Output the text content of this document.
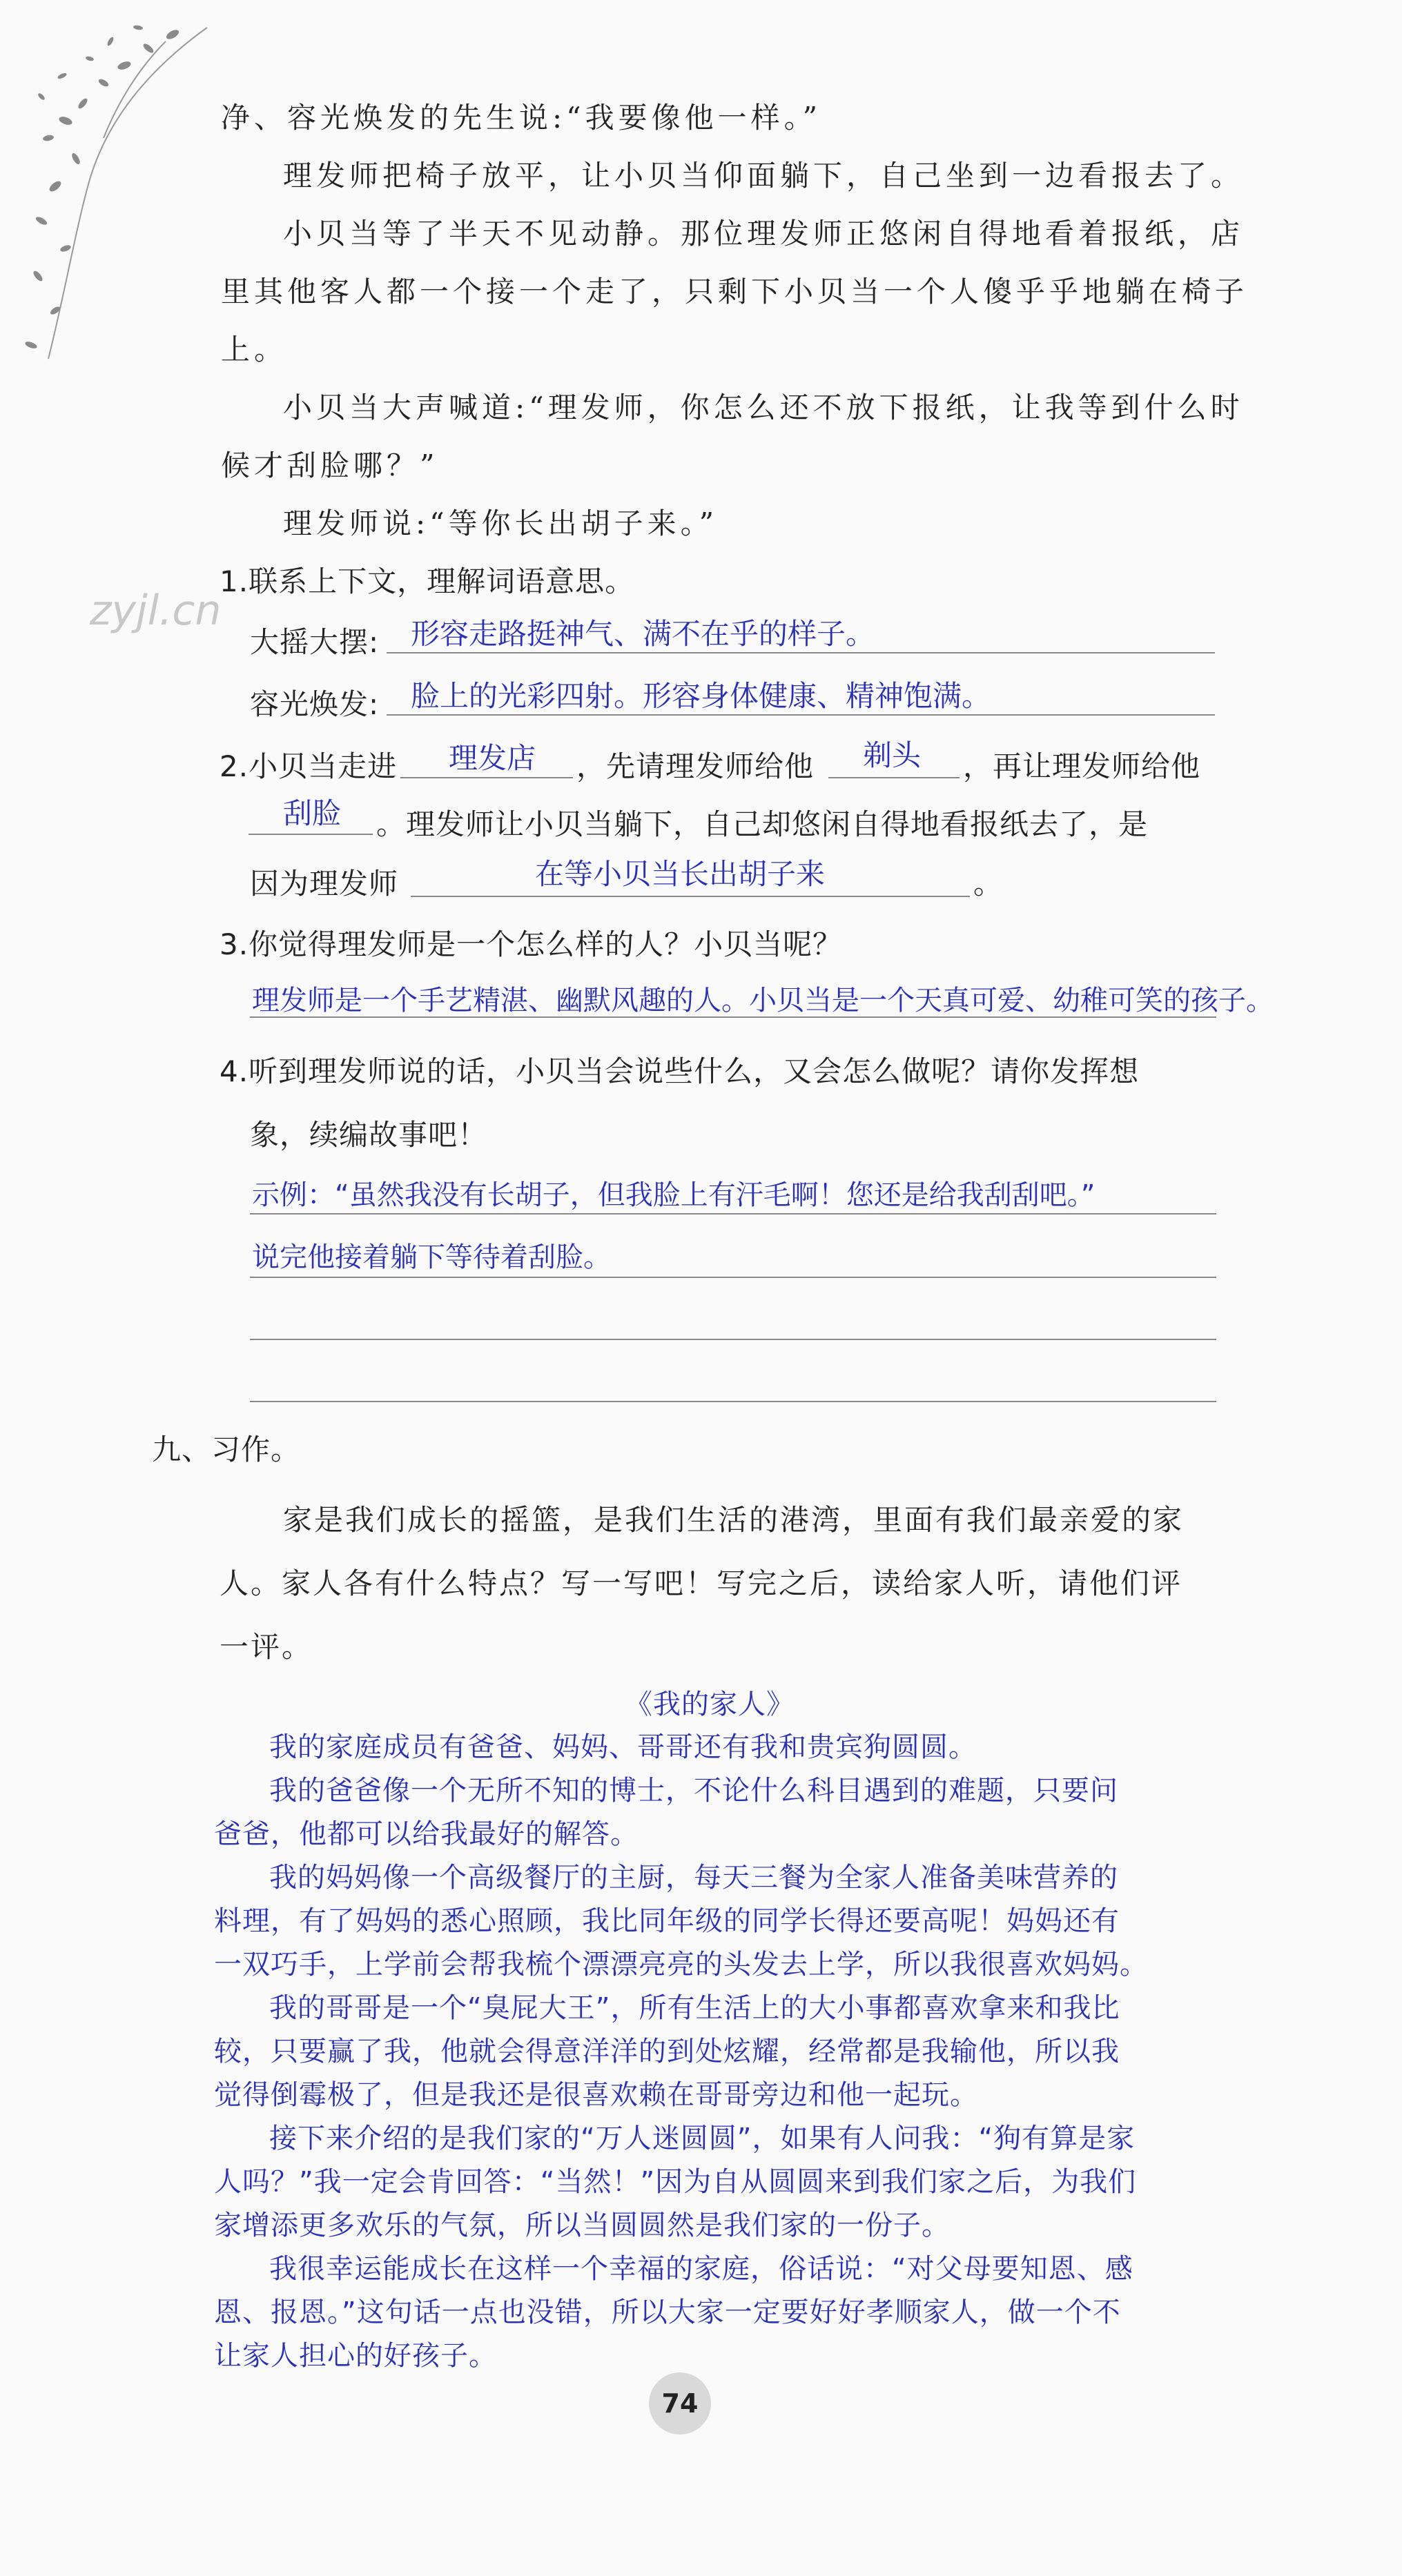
净、容光焕发的先生说:“我要像他一样。”
理发师把椅子放平，让小贝当仰面躺下，自己坐到一边看报去了。
小贝当等了半天不见动静。那位理发师正悠闲自得地看着报纸，店
里其他客人都一个接一个走了，只剩下小贝当一个人傻乎乎地躺在椅子
上。
小贝当大声喊道:“理发师，你怎么还不放下报纸，让我等到什么时
候才刮脸哪？”
理发师说:“等你长出胡子来。”
1.联系上下文，理解词语意思。
zyjl.cn
大摇大摆: 形容走路挺神气、满不在乎的样子。
容光焕发: 脸上的光彩四射。形容身体健康、精神饱满。
2.小贝当走进 理发店 ，先请理发师给他 剃头 ，再让理发师给他
刮脸 。理发师让小贝当躺下，自己却悠闲自得地看报纸去了，是
因为理发师	在等小贝当长出胡子来	。
3.你觉得理发师是一个怎么样的人？小贝当呢？
理发师是一个手艺精湛、幽默风趣的人。小贝当是一个天真可爱、幼稚可笑的孩子。
4.听到理发师说的话，小贝当会说些什么，又会怎么做呢？请你发挥想
象，续编故事吧！
示例：“虽然我没有长胡子，但我脸上有汗毛啊！您还是给我刮刮吧。”
说完他接着躺下等待着刮脸。
九、习作。
家是我们成长的摇篮，是我们生活的港湾，里面有我们最亲爱的家
人。家人各有什么特点？写一写吧！写完之后，读给家人听，请他们评
一评。
《我的家人》
我的家庭成员有爸爸、妈妈、哥哥还有我和贵宾狗圆圆。
我的爸爸像一个无所不知的博士，不论什么科目遇到的难题，只要问
爸爸，他都可以给我最好的解答。
我的妈妈像一个高级餐厅的主厨，每天三餐为全家人准备美味营养的
料理，有了妈妈的悉心照顾，我比同年级的同学长得还要高呢！妈妈还有
一双巧手，上学前会帮我梳个漂漂亮亮的头发去上学，所以我很喜欢妈妈。
我的哥哥是一个“臭屁大王”，所有生活上的大小事都喜欢拿来和我比
较，只要赢了我，他就会得意洋洋的到处炫耀，经常都是我输他，所以我
觉得倒霉极了，但是我还是很喜欢赖在哥哥旁边和他一起玩。
接下来介绍的是我们家的“万人迷圆圆”，如果有人问我：“狗有算是家
人吗？”我一定会肯回答：“当然！”因为自从圆圆来到我们家之后，为我们
家增添更多欢乐的气氛，所以当圆圆然是我们家的一份子。
我很幸运能成长在这样一个幸福的家庭，俗话说：“对父母要知恩、感
恩、报恩。”这句话一点也没错，所以大家一定要好好孝顺家人，做一个不
让家人担心的好孩子。
74
